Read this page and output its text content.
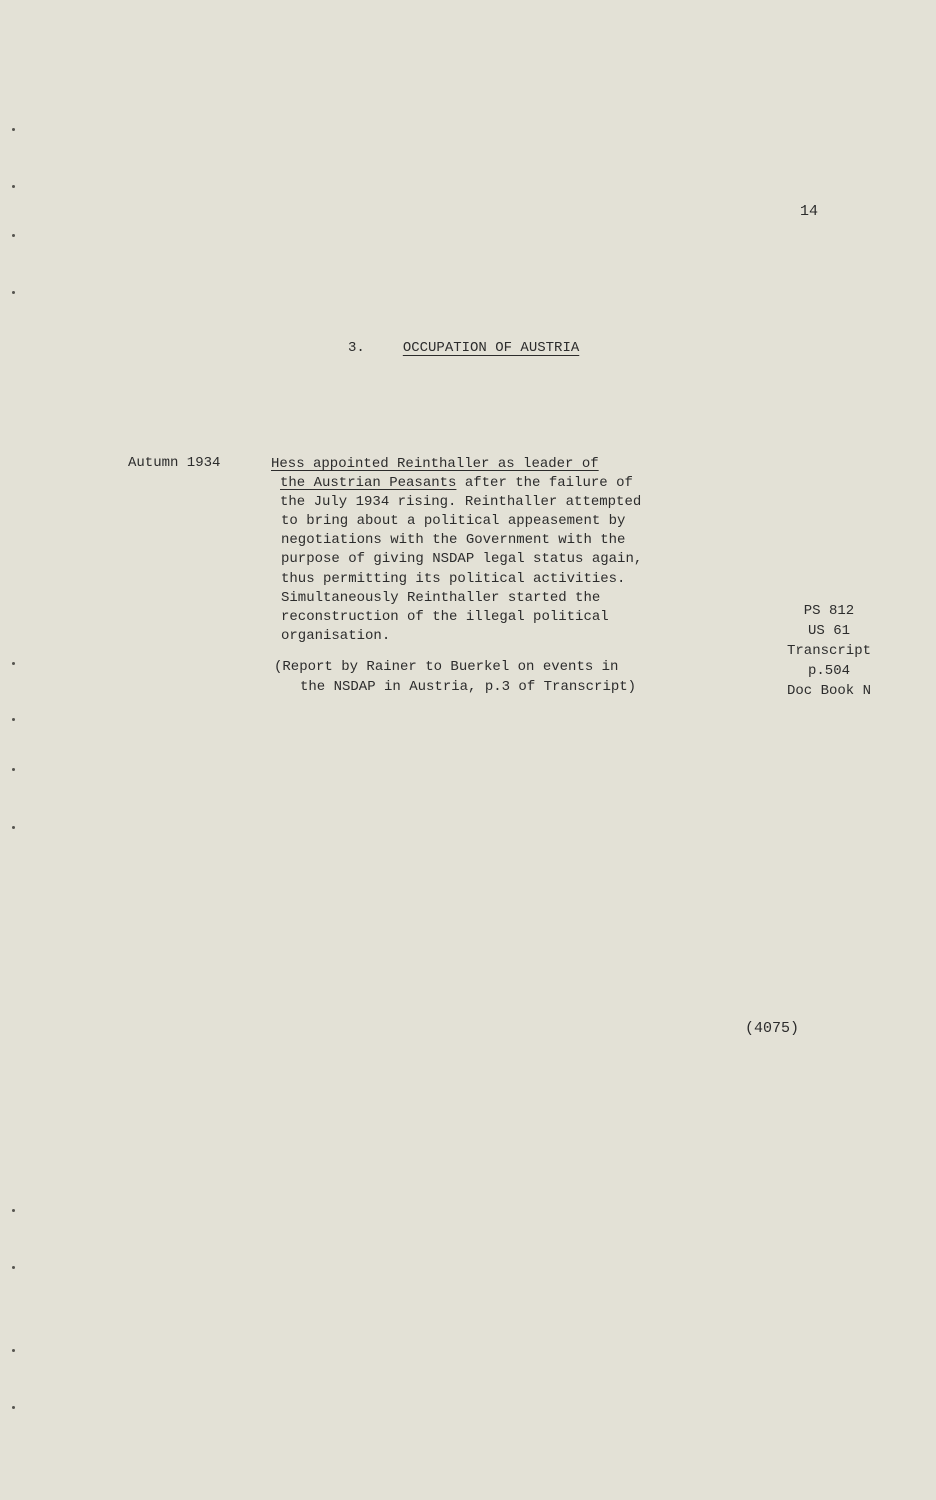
14
3.	OCCUPATION OF AUSTRIA
Autumn 1934	Hess appointed Reinthaller as leader of
the Austrian Peasants after the failure of
the July 1934 rising. Reinthaller attempted
to bring about a political appeasement by
negotiations with the Government with the
purpose of giving NSDAP legal status again,
thus permitting its political activities.
Simultaneously Reinthaller started the
reconstruction of the illegal political
organisation.
(Report by Rainer to Buerkel on events in
the NSDAP in Austria, p.3 of Transcript)
PS 812
US 61
Transcript
p.504
Doc Book N
(4075)
